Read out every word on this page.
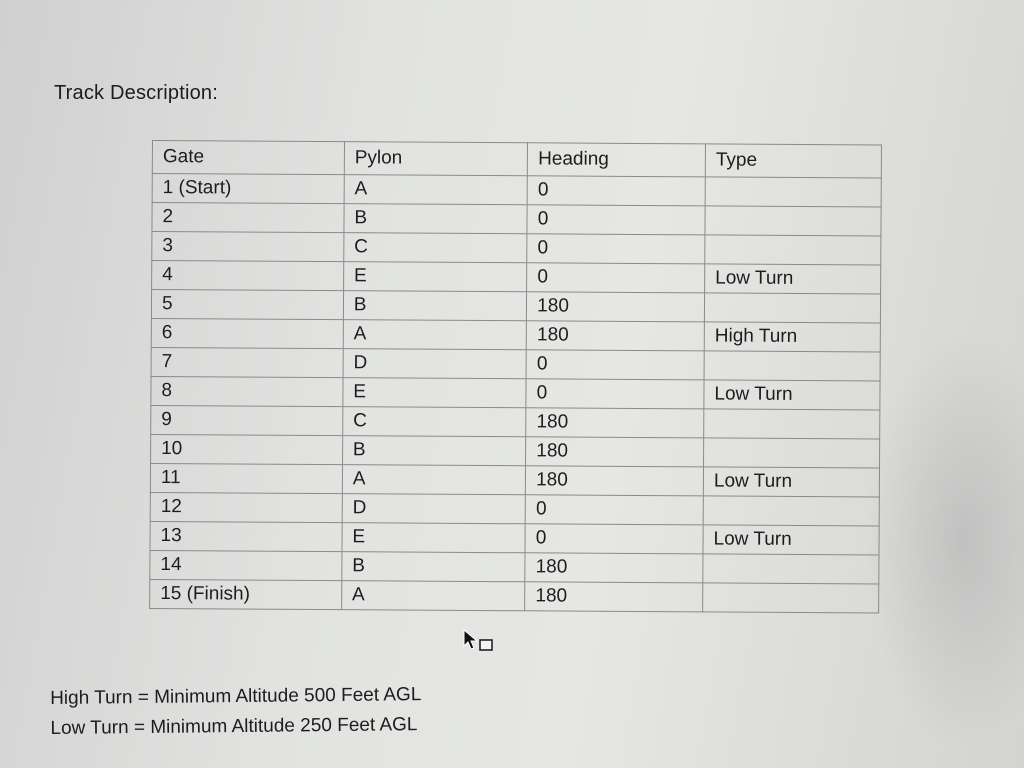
Track Description:
Gate	Pylon	Heading	Type
1 (Start)	A	0	
2	B	0	
3	C	0	
4	E	0	Low Turn
5	B	180	
6	A	180	High Turn
7	D	0	
8	E	0	Low Turn
9	C	180	
10	B	180	
11	A	180	Low Turn
12	D	0	
13	E	0	Low Turn
14	B	180	
15 (Finish)	A	180	
High Turn = Minimum Altitude 500 Feet AGL
Low Turn = Minimum Altitude 250 Feet AGL
